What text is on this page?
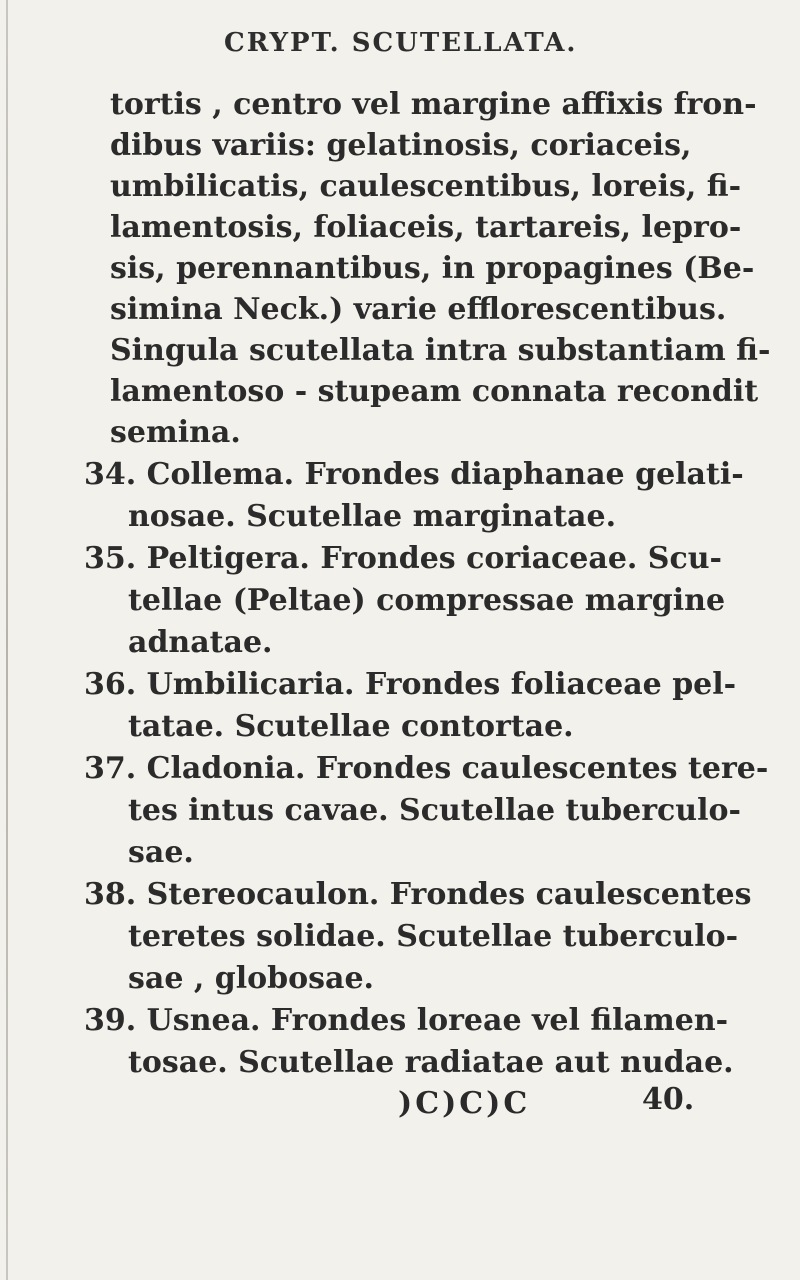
CRYPT. SCUTELLATA.
tortis , centro vel margine affixis fron-
dibus variis: gelatinosis, coriaceis,
umbilicatis, caulescentibus, loreis, fi-
lamentosis, foliaceis, tartareis, lepro-
sis, perennantibus, in propagines (Be-
simina Neck.) varie efflorescentibus.
Singula scutellata intra substantiam fi-
lamentoso - stupeam connata recondit
semina.
34. Collema. Frondes diaphanae gelati-
nosae. Scutellae marginatae.
35. Peltigera. Frondes coriaceae. Scu-
tellae (Peltae) compressae margine
adnatae.
36. Umbilicaria. Frondes foliaceae pel-
tatae. Scutellae contortae.
37. Cladonia. Frondes caulescentes tere-
tes intus cavae. Scutellae tuberculo-
sae.
38. Stereocaulon. Frondes caulescentes
teretes solidae. Scutellae tuberculo-
sae , globosae.
39. Usnea. Frondes loreae vel filamen-
tosae. Scutellae radiatae aut nudae.
)C)C)C	40.
